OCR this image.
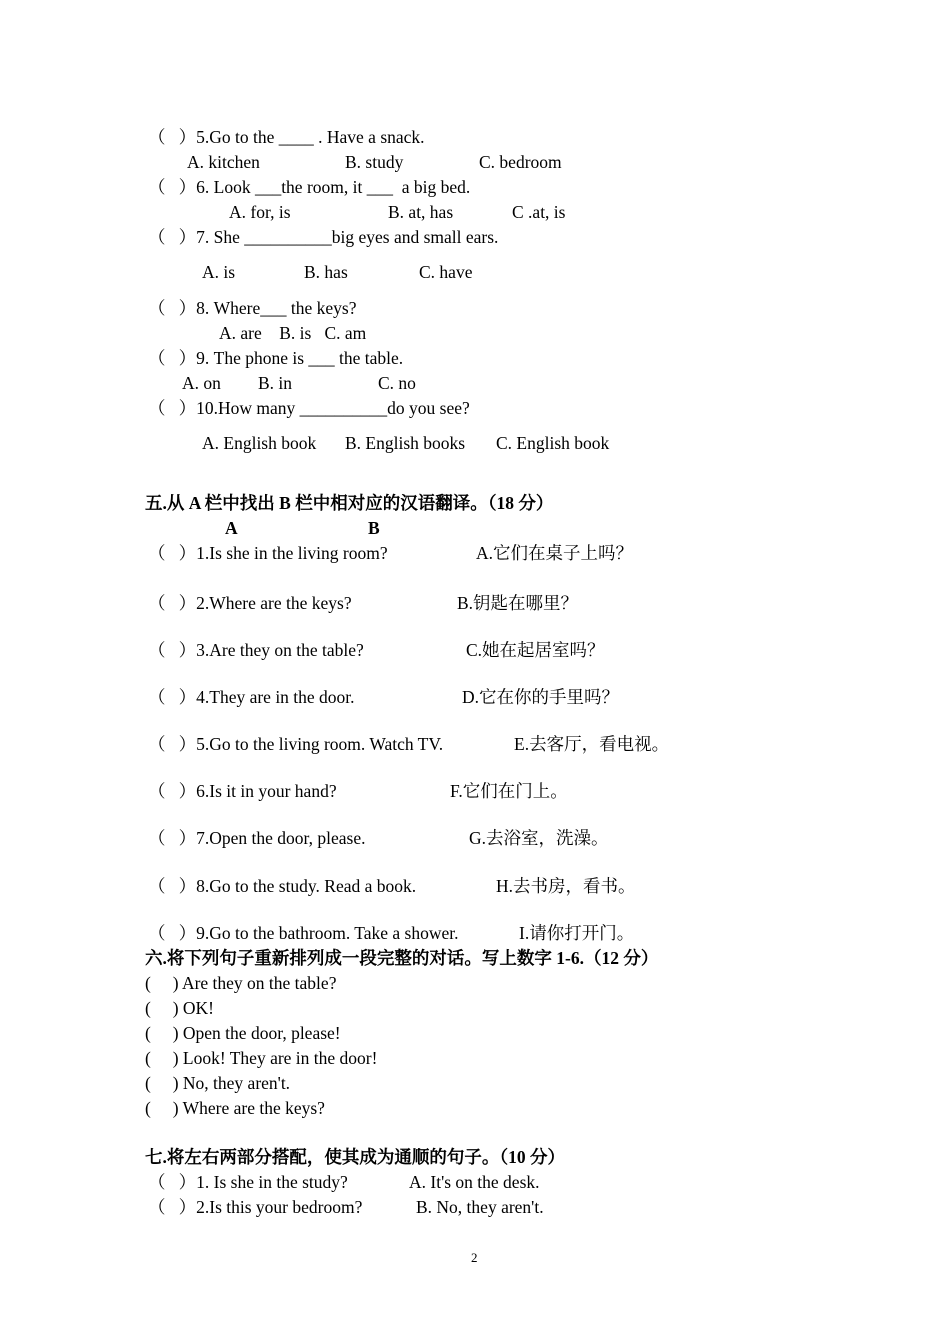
（   ）5.Go to the ____ . Have a snack.
A. kitchen	B. study	C. bedroom
（   ）6. Look ___the room, it ___  a big bed.
A. for, is	B. at, has	C .at, is
（   ）7. She __________big eyes and small ears.
A. is	B. has	C. have
（   ）8. Where___ the keys?
A. are    B. is   C. am
（   ）9. The phone is ___ the table.
A. on B. in	C. no
（   ）10.How many __________do you see?
A. English book B. English books C. English book
五.从 A 栏中找出 B 栏中相对应的汉语翻译。（18 分）
A	B
（   ）1.Is she in the living room?	A.它们在桌子上吗？
（   ）2.Where are the keys?	B.钥匙在哪里？
（   ）3.Are they on the table?	C.她在起居室吗？
（   ）4.They are in the door.	D.它在你的手里吗？
（   ）5.Go to the living room. Watch TV.	E.去客厅，看电视。
（   ）6.Is it in your hand?	F.它们在门上。
（   ）7.Open the door, please.	G.去浴室，洗澡。
（   ）8.Go to the study. Read a book.	H.去书房，看书。
（   ）9.Go to the bathroom. Take a shower.	I.请你打开门。
六.将下列句子重新排列成一段完整的对话。写上数字 1-6.（12 分）
(     ) Are they on the table?
(     ) OK!
(     ) Open the door, please!
(     ) Look! They are in the door!
(     ) No, they aren't.
(     ) Where are the keys?
七.将左右两部分搭配，使其成为通顺的句子。（10 分）
（   ）1. Is she in the study?	A. It's on the desk.
（   ）2.Is this your bedroom?	B. No, they aren't.
2
